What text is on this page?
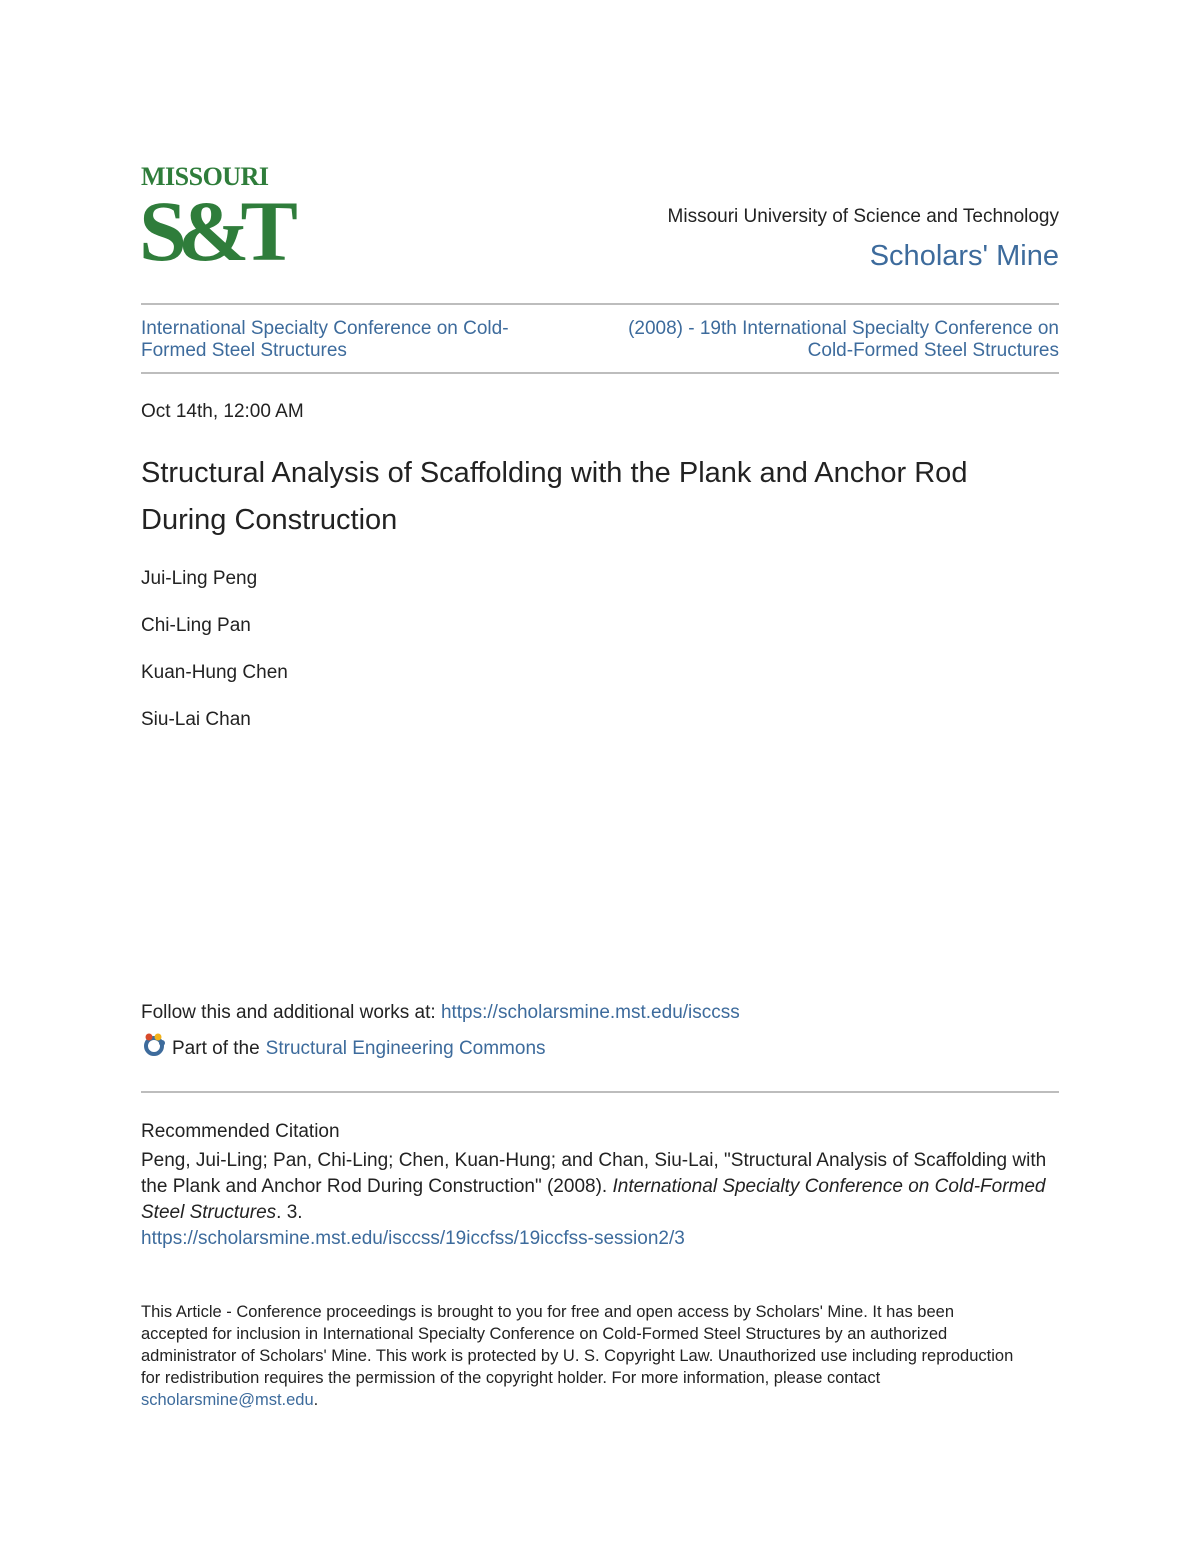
MISSOURI
S&T	Missouri University of Science and Technology
Scholars' Mine
International Specialty Conference on Cold-Formed Steel Structures
(2008) - 19th International Specialty Conference on Cold-Formed Steel Structures
Oct 14th, 12:00 AM
Structural Analysis of Scaffolding with the Plank and Anchor Rod During Construction
Jui-Ling Peng
Chi-Ling Pan
Kuan-Hung Chen
Siu-Lai Chan
Follow this and additional works at: https://scholarsmine.mst.edu/isccss
Part of the Structural Engineering Commons
Recommended Citation
Peng, Jui-Ling; Pan, Chi-Ling; Chen, Kuan-Hung; and Chan, Siu-Lai, "Structural Analysis of Scaffolding with the Plank and Anchor Rod During Construction" (2008). International Specialty Conference on Cold-Formed Steel Structures. 3.
https://scholarsmine.mst.edu/isccss/19iccfss/19iccfss-session2/3
This Article - Conference proceedings is brought to you for free and open access by Scholars' Mine. It has been accepted for inclusion in International Specialty Conference on Cold-Formed Steel Structures by an authorized administrator of Scholars' Mine. This work is protected by U. S. Copyright Law. Unauthorized use including reproduction for redistribution requires the permission of the copyright holder. For more information, please contact scholarsmine@mst.edu.
